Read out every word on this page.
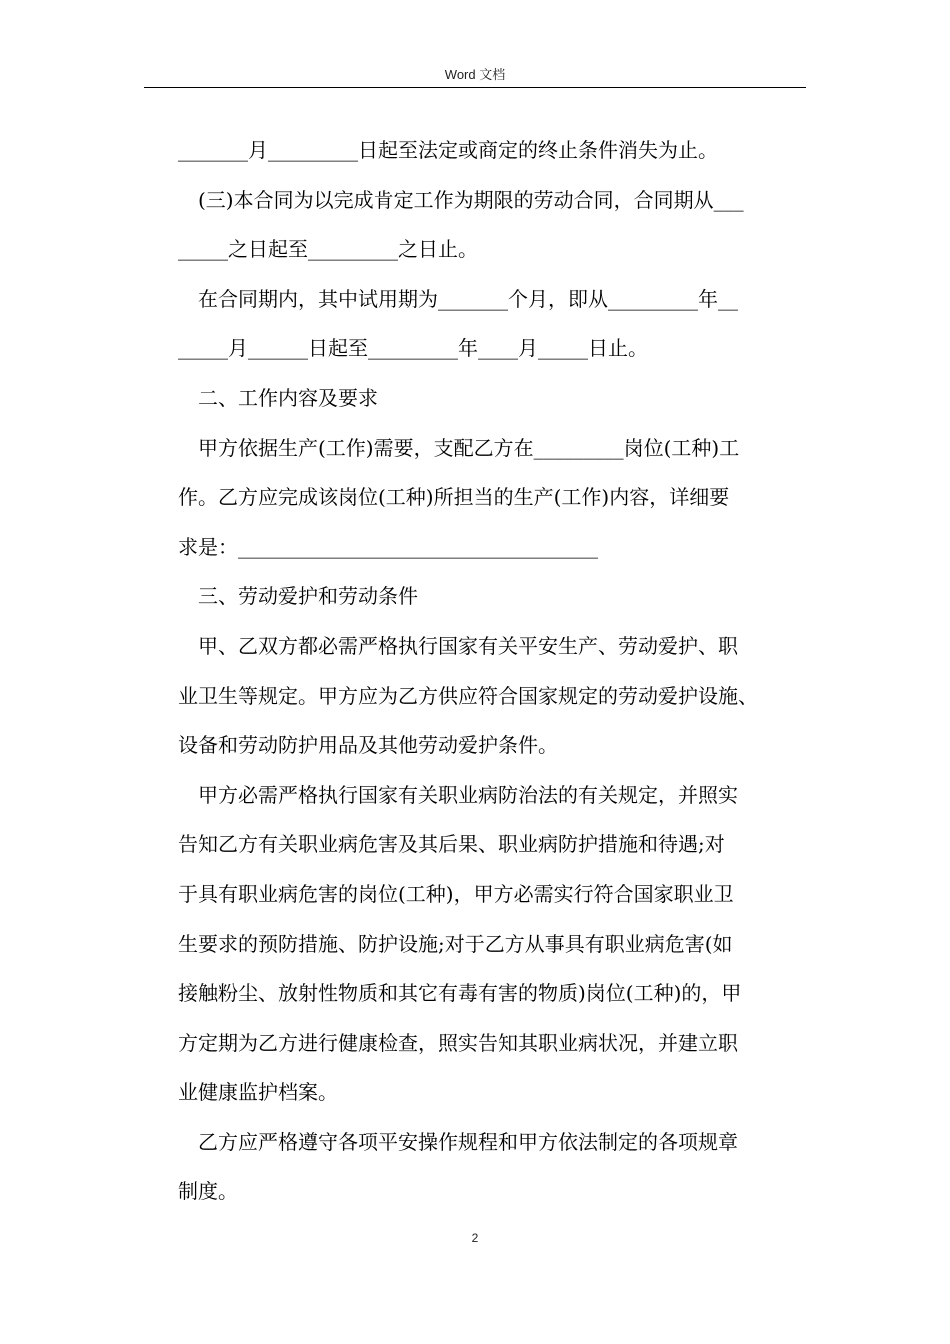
Word 文档
_______月_________日起至法定或商定的终止条件消失为止。
(三)本合同为以完成肯定工作为期限的劳动合同，合同期从___
_____之日起至_________之日止。
在合同期内，其中试用期为_______个月，即从_________年__
_____月______日起至_________年____月_____日止。
二、工作内容及要求
甲方依据生产(工作)需要，支配乙方在_________岗位(工种)工
作。乙方应完成该岗位(工种)所担当的生产(工作)内容，详细要
求是：____________________________________
三、劳动爱护和劳动条件
甲、乙双方都必需严格执行国家有关平安生产、劳动爱护、职
业卫生等规定。甲方应为乙方供应符合国家规定的劳动爱护设施、
设备和劳动防护用品及其他劳动爱护条件。
甲方必需严格执行国家有关职业病防治法的有关规定，并照实
告知乙方有关职业病危害及其后果、职业病防护措施和待遇;对
于具有职业病危害的岗位(工种)，甲方必需实行符合国家职业卫
生要求的预防措施、防护设施;对于乙方从事具有职业病危害(如
接触粉尘、放射性物质和其它有毒有害的物质)岗位(工种)的，甲
方定期为乙方进行健康检查，照实告知其职业病状况，并建立职
业健康监护档案。
乙方应严格遵守各项平安操作规程和甲方依法制定的各项规章
制度。
2
